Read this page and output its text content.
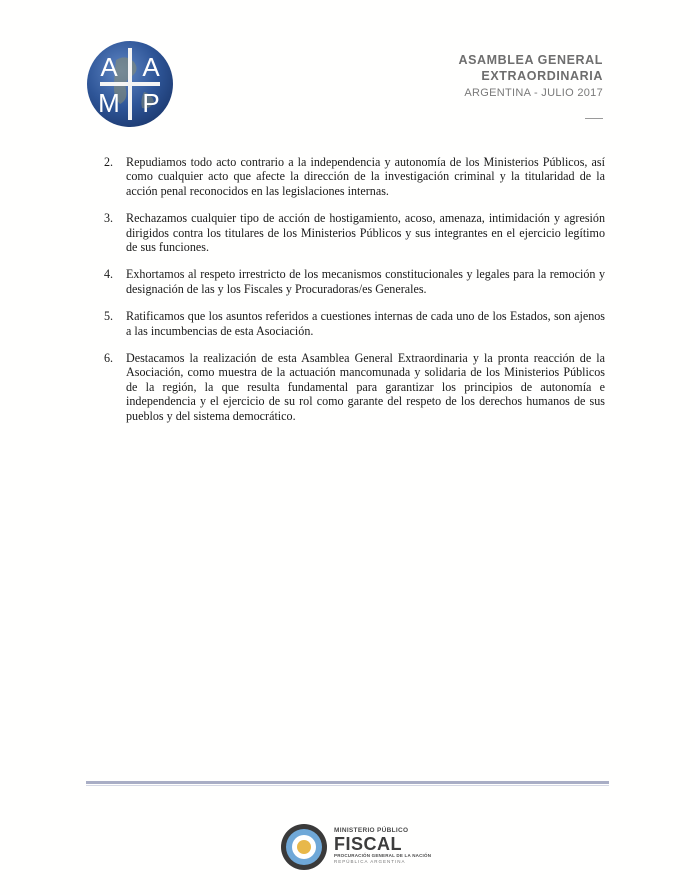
A A
M P
ASAMBLEA GENERAL
EXTRAORDINARIA
ARGENTINA - JULIO 2017
2.	Repudiamos todo acto contrario a la independencia y autonomía de los Ministerios Públicos, así como cualquier acto que afecte la dirección de la investigación criminal y la titularidad de la acción penal reconocidos en las legislaciones internas.
3.	Rechazamos cualquier tipo de acción de hostigamiento, acoso, amenaza, intimidación y agresión dirigidos contra los titulares de los Ministerios Públicos y sus integrantes en el ejercicio legítimo de sus funciones.
4.	Exhortamos al respeto irrestricto de los mecanismos constitucionales y legales para la remoción y designación de las y los Fiscales y Procuradoras/es Generales.
5.	Ratificamos que los asuntos referidos a cuestiones internas de cada uno de los Estados, son ajenos a las incumbencias de esta Asociación.
6.	Destacamos la realización de esta Asamblea General Extraordinaria y la pronta reacción de la Asociación, como muestra de la actuación mancomunada y solidaria de los Ministerios Públicos de la región, la que resulta fundamental para garantizar los principios de autonomía e independencia y el ejercicio de su rol como garante del respeto de los derechos humanos de sus pueblos y del sistema democrático.
MINISTERIO PÚBLICO
FISCAL
PROCURACIÓN GENERAL DE LA NACIÓN
REPÚBLICA ARGENTINA
